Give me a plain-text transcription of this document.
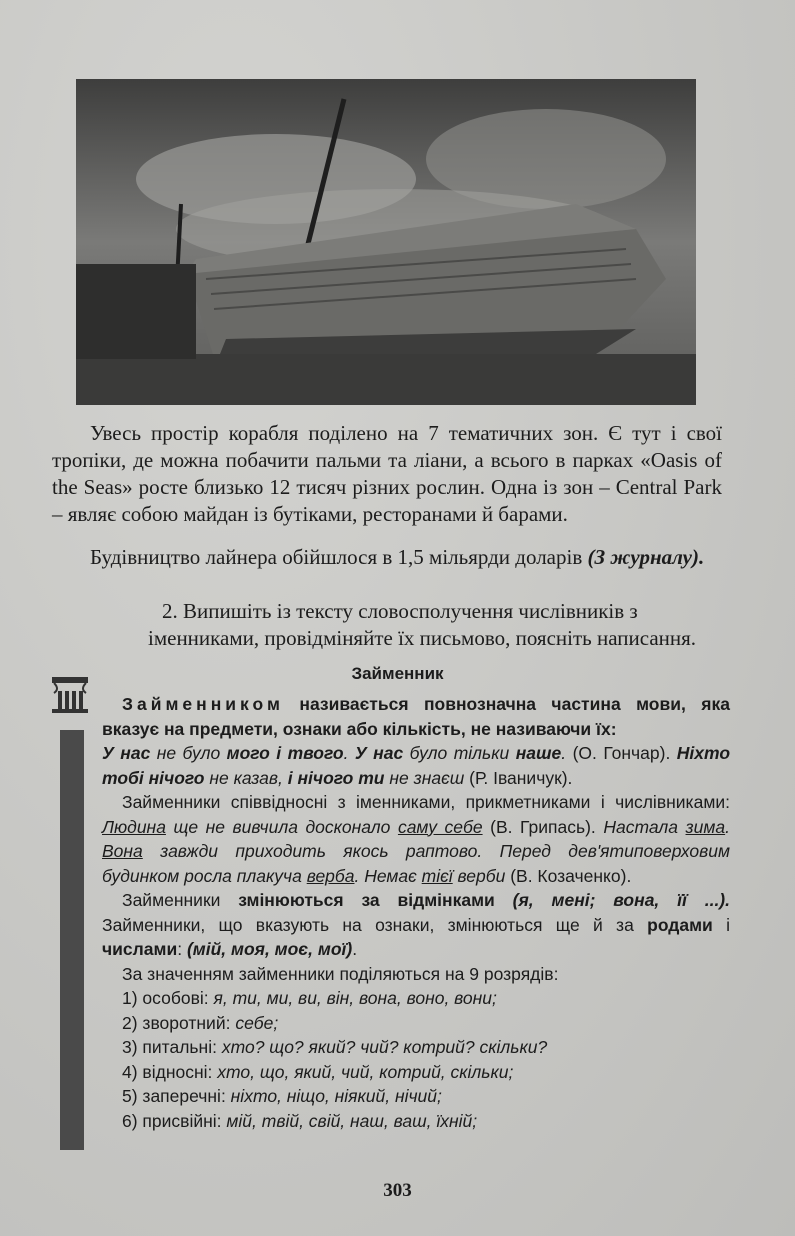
Увесь простір корабля поділено на 7 тематичних зон. Є тут і свої тропіки, де можна побачити пальми та ліани, а всього в парках «Oasis of the Seas» росте близько 12 тисяч різних рослин. Одна із зон – Central Park – являє собою майдан із бутіками, ресторанами й барами.

Будівництво лайнера обійшлося в 1,5 мільярди доларів (З журналу).

2. Випишіть із тексту словосполучення числівників з іменниками, провідміняйте їх письмово, поясніть написання.

Займенник

Займенником називається повнозначна частина мови, яка вказує на предмети, ознаки або кількість, не називаючи їх:

У нас не було мого і твого. У нас було тільки наше. (О. Гончар). Ніхто тобі нічого не казав, і нічого ти не знаєш (Р. Іваничук).

Займенники співвідносні з іменниками, прикметниками і числівниками: Людина ще не вивчила досконало саму себе (В. Грипась). Настала зима. Вона завжди приходить якось раптово. Перед дев'ятиповерховим будинком росла плакуча верба. Немає тієї верби (В. Козаченко).

Займенники змінюються за відмінками (я, мені; вона, її ...). Займенники, що вказують на ознаки, змінюються ще й за родами і числами: (мій, моя, моє, мої).

За значенням займенники поділяються на 9 розрядів:

1) особові: я, ти, ми, ви, він, вона, воно, вони;

2) зворотний: себе;

3) питальні: хто? що? який? чий? котрий? скільки?

4) відносні: хто, що, який, чий, котрий, скільки;

5) заперечні: ніхто, ніщо, ніякий, нічий;

6) присвійні: мій, твій, свій, наш, ваш, їхній;

303
